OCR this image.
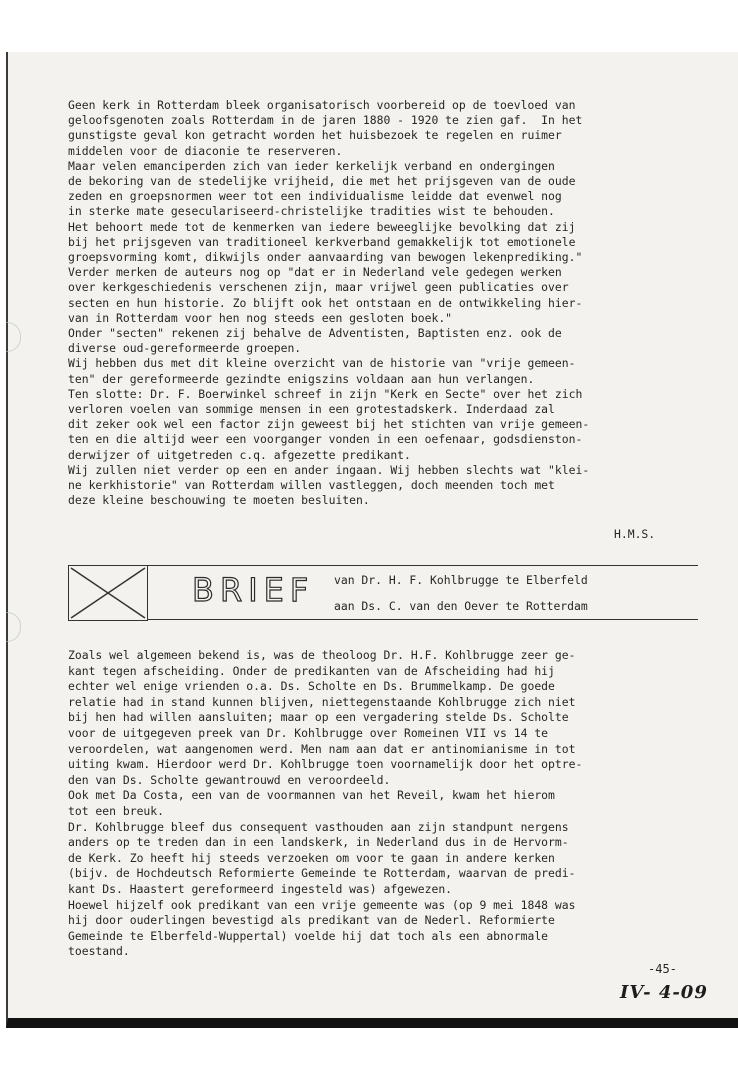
Geen kerk in Rotterdam bleek organisatorisch voorbereid op de toevloed van
geloofsgenoten zoals Rotterdam in de jaren 1880 - 1920 te zien gaf.  In het
gunstigste geval kon getracht worden het huisbezoek te regelen en ruimer
middelen voor de diaconie te reserveren.
Maar velen emanciperden zich van ieder kerkelijk verband en ondergingen
de bekoring van de stedelijke vrijheid, die met het prijsgeven van de oude
zeden en groepsnormen weer tot een individualisme leidde dat evenwel nog
in sterke mate geseculariseerd-christelijke tradities wist te behouden.
Het behoort mede tot de kenmerken van iedere beweeglijke bevolking dat zij
bij het prijsgeven van traditioneel kerkverband gemakkelijk tot emotionele
groepsvorming komt, dikwijls onder aanvaarding van bewogen lekenprediking."
Verder merken de auteurs nog op "dat er in Nederland vele gedegen werken
over kerkgeschiedenis verschenen zijn, maar vrijwel geen publicaties over
secten en hun historie. Zo blijft ook het ontstaan en de ontwikkeling hier-
van in Rotterdam voor hen nog steeds een gesloten boek."
Onder "secten" rekenen zij behalve de Adventisten, Baptisten enz. ook de
diverse oud-gereformeerde groepen.
Wij hebben dus met dit kleine overzicht van de historie van "vrije gemeen-
ten" der gereformeerde gezindte enigszins voldaan aan hun verlangen.
Ten slotte: Dr. F. Boerwinkel schreef in zijn "Kerk en Secte" over het zich
verloren voelen van sommige mensen in een grotestadskerk. Inderdaad zal
dit zeker ook wel een factor zijn geweest bij het stichten van vrije gemeen-
ten en die altijd weer een voorganger vonden in een oefenaar, godsdienston-
derwijzer of uitgetreden c.q. afgezette predikant.
Wij zullen niet verder op een en ander ingaan. Wij hebben slechts wat "klei-
ne kerkhistorie" van Rotterdam willen vastleggen, doch meenden toch met
deze kleine beschouwing te moeten besluiten.
H.M.S.
BRIEF van Dr. H. F. Kohlbrugge te Elberfeld
aan Ds. C. van den Oever te Rotterdam
Zoals wel algemeen bekend is, was de theoloog Dr. H.F. Kohlbrugge zeer ge-
kant tegen afscheiding. Onder de predikanten van de Afscheiding had hij
echter wel enige vrienden o.a. Ds. Scholte en Ds. Brummelkamp. De goede
relatie had in stand kunnen blijven, niettegenstaande Kohlbrugge zich niet
bij hen had willen aansluiten; maar op een vergadering stelde Ds. Scholte
voor de uitgegeven preek van Dr. Kohlbrugge over Romeinen VII vs 14 te
veroordelen, wat aangenomen werd. Men nam aan dat er antinomianisme in tot
uiting kwam. Hierdoor werd Dr. Kohlbrugge toen voornamelijk door het optre-
den van Ds. Scholte gewantrouwd en veroordeeld.
Ook met Da Costa, een van de voormannen van het Reveil, kwam het hierom
tot een breuk.
Dr. Kohlbrugge bleef dus consequent vasthouden aan zijn standpunt nergens
anders op te treden dan in een landskerk, in Nederland dus in de Hervorm-
de Kerk. Zo heeft hij steeds verzoeken om voor te gaan in andere kerken
(bijv. de Hochdeutsch Reformierte Gemeinde te Rotterdam, waarvan de predi-
kant Ds. Haastert gereformeerd ingesteld was) afgewezen.
Hoewel hijzelf ook predikant van een vrije gemeente was (op 9 mei 1848 was
hij door ouderlingen bevestigd als predikant van de Nederl. Reformierte
Gemeinde te Elberfeld-Wuppertal) voelde hij dat toch als een abnormale
toestand.
-45-
IV- 4-09
